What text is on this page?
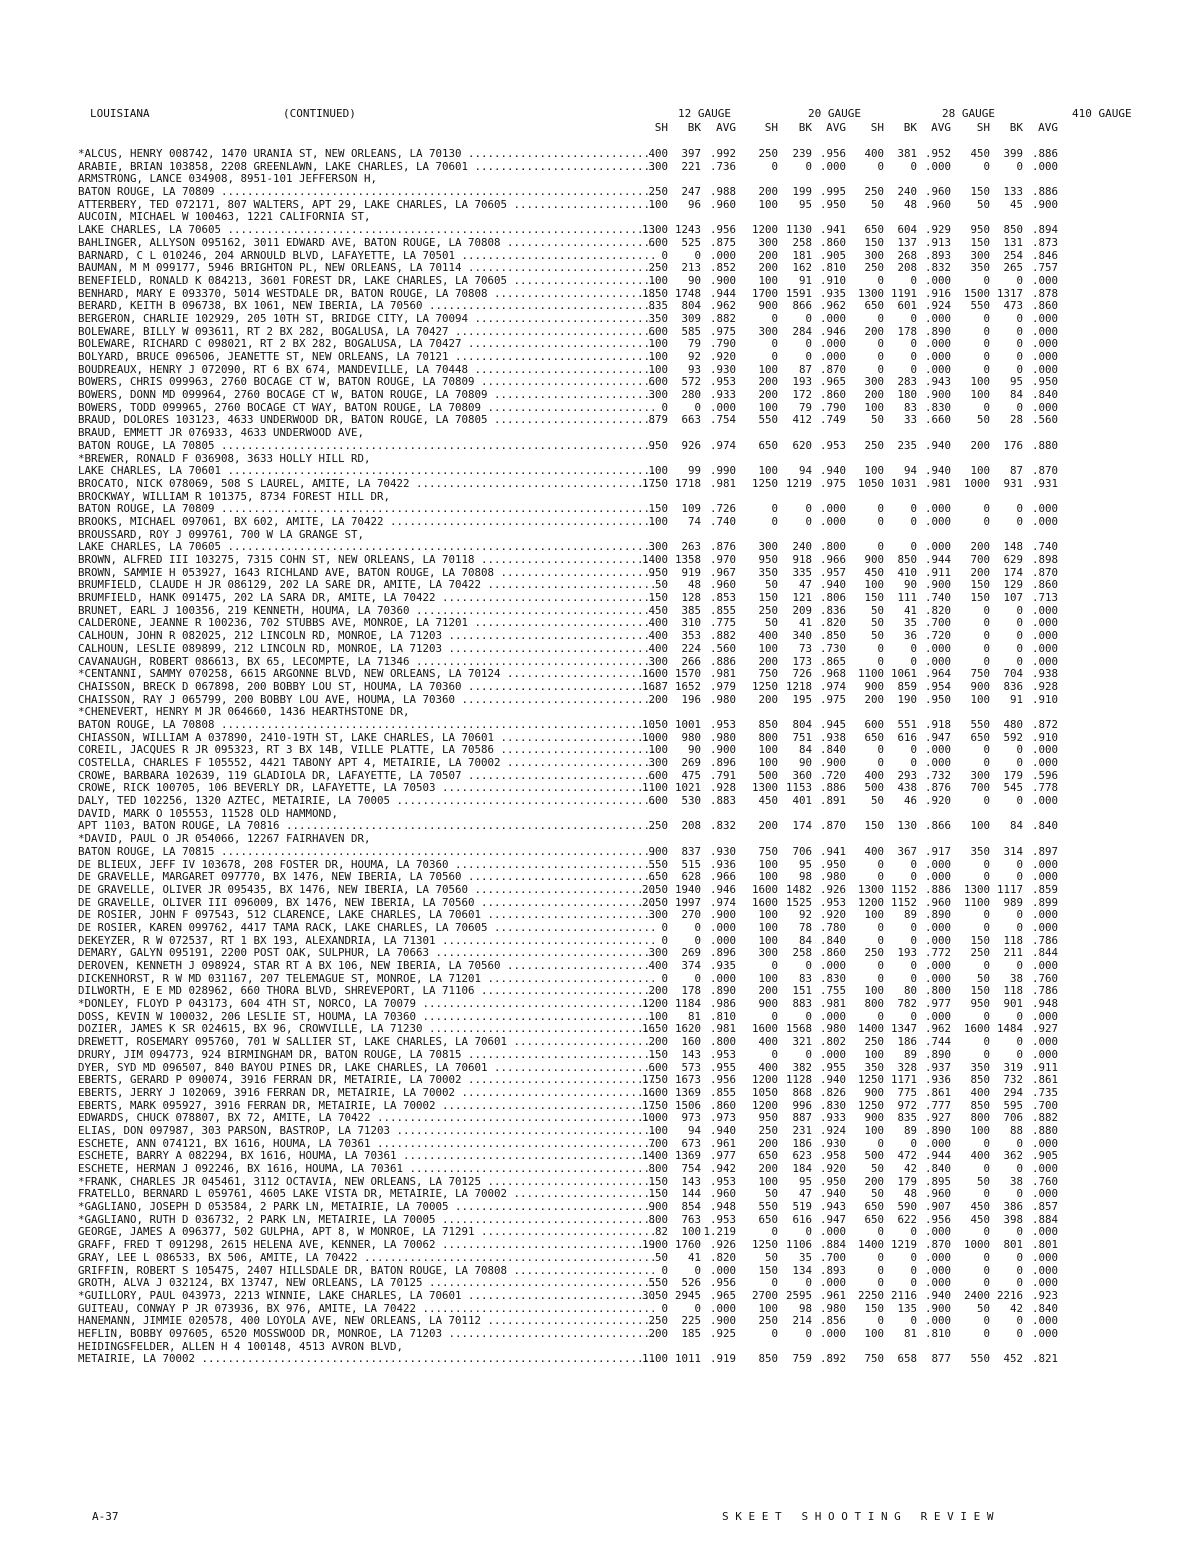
LOUISIANA	(CONTINUED)	12 GAUGE	20 GAUGE	28 GAUGE	410 GAUGE
SH	BK	AVG	SH	BK	AVG	SH	BK	AVG	SH	BK	AVG
*ALCUS, HENRY 008742, 1470 URANIA ST, NEW ORLEANS, LA 70130 .....	400	397 .992	250	239 .956	400	381 .952	450	399 .886
ARABIE, BRIAN 103858, 2208 GREENLAWN, LAKE CHARLES, LA 70601 .....	300	221 .736	0	0 .000	0	0 .000	0	0 .000
ARMSTRONG, LANCE 034908, 8951-101 JEFFERSON H,
BATON ROUGE, LA 70809 .....	250	247 .988	200	199 .995	250	240 .960	150	133 .886
ATTERBERY, TED 072171, 807 WALTERS, APT 29, LAKE CHARLES, LA 70605 .....	100	96 .960	100	95 .950	50	48 .960	50	45 .900
AUCOIN, MICHAEL W 100463, 1221 CALIFORNIA ST,
LAKE CHARLES, LA 70605 .....	1300 1243 .956	1200 1130 .941	650	604 .929	950	850 .894
BAHLINGER, ALLYSON 095162, 3011 EDWARD AVE, BATON ROUGE, LA 70808 .....	600	525 .875	300	258 .860	150	137 .913	150	131 .873
BARNARD, C L 010246, 204 ARNOULD BLVD, LAFAYETTE, LA 70501 .....	0	0 .000	200	181 .905	300	268 .893	300	254 .846
BAUMAN, M M 099177, 5946 BRIGHTON PL, NEW ORLEANS, LA 70114 .....	250	213 .852	200	162 .810	250	208 .832	350	265 .757
BENEFIELD, RONALD K 084213, 3601 FOREST DR, LAKE CHARLES, LA 70605 .....	100	90 .900	100	91 .910	0	0 .000	0	0 .000
BENHARD, MARY E 093370, 5014 WESTDALE DR, BATON ROUGE, LA 70808 .....	1850 1748 .944	1700 1591 .935	1300 1191 .916	1500 1317 .878
BERARD, KEITH B 096738, BX 1061, NEW IBERIA, LA 70560 .....	835	804 .962	900	866 .962	650	601 .924	550	473 .860
BERGERON, CHARLIE 102929, 205 10TH ST, BRIDGE CITY, LA 70094 .....	350	309 .882	0	0 .000	0	0 .000	0	0 .000
BOLEWARE, BILLY W 093611, RT 2 BX 282, BOGALUSA, LA 70427 .....	600	585 .975	300	284 .946	200	178 .890	0	0 .000
BOLEWARE, RICHARD C 098021, RT 2 BX 282, BOGALUSA, LA 70427 .....	100	79 .790	0	0 .000	0	0 .000	0	0 .000
BOLYARD, BRUCE 096506, JEANETTE ST, NEW ORLEANS, LA 70121 .....	100	92 .920	0	0 .000	0	0 .000	0	0 .000
BOUDREAUX, HENRY J 072090, RT 6 BX 674, MANDEVILLE, LA 70448 .....	100	93 .930	100	87 .870	0	0 .000	0	0 .000
BOWERS, CHRIS 099963, 2760 BOCAGE CT W, BATON ROUGE, LA 70809 .....	600	572 .953	200	193 .965	300	283 .943	100	95 .950
BOWERS, DONN MD 099964, 2760 BOCAGE CT W, BATON ROUGE, LA 70809 .....	300	280 .933	200	172 .860	200	180 .900	100	84 .840
BOWERS, TODD 099965, 2760 BOCAGE CT WAY, BATON ROUGE, LA 70809 .....	0	0 .000	100	79 .790	100	83 .830	0	0 .000
BRAUD, DOLORES 103123, 4633 UNDERWOOD DR, BATON ROUGE, LA 70805 .....	879	663 .754	550	412 .749	50	33 .660	50	28 .560
BRAUD, EMMETT JR 076933, 4633 UNDERWOOD AVE,
BATON ROUGE, LA 70805 .....	950	926 .974	650	620 .953	250	235 .940	200	176 .880
*BREWER, RONALD F 036908, 3633 HOLLY HILL RD,
LAKE CHARLES, LA 70601 .....	100	99 .990	100	94 .940	100	94 .940	100	87 .870
BROCATO, NICK 078069, 508 S LAUREL, AMITE, LA 70422 .....	1750 1718 .981	1250 1219 .975	1050 1031 .981	1000	931 .931
BROCKWAY, WILLIAM R 101375, 8734 FOREST HILL DR,
BATON ROUGE, LA 70809 .....	150	109 .726	0	0 .000	0	0 .000	0	0 .000
BROOKS, MICHAEL 097061, BX 602, AMITE, LA 70422 .....	100	74 .740	0	0 .000	0	0 .000	0	0 .000
BROUSSARD, ROY J 099761, 700 W LA GRANGE ST,
LAKE CHARLES, LA 70605 .....	300	263 .876	300	240 .800	0	0 .000	200	148 .740
BROWN, ALFRED III 103275, 7315 COHN ST, NEW ORLEANS, LA 70118 .....	1400 1358 .970	950	918 .966	900	850 .944	700	629 .898
BROWN, SAMMIE H 053927, 1643 RICHLAND AVE, BATON ROUGE, LA 70808 .....	950	919 .967	350	335 .957	450	410 .911	200	174 .870
BRUMFIELD, CLAUDE H JR 086129, 202 LA SARE DR, AMITE, LA 70422 .....	50	48 .960	50	47 .940	100	90 .900	150	129 .860
BRUMFIELD, HANK 091475, 202 LA SARA DR, AMITE, LA 70422 .....	150	128 .853	150	121 .806	150	111 .740	150	107 .713
BRUNET, EARL J 100356, 219 KENNETH, HOUMA, LA 70360 .....	450	385 .855	250	209 .836	50	41 .820	0	0 .000
CALDERONE, JEANNE R 100236, 702 STUBBS AVE, MONROE, LA 71201 .....	400	310 .775	50	41 .820	50	35 .700	0	0 .000
CALHOUN, JOHN R 082025, 212 LINCOLN RD, MONROE, LA 71203 .....	400	353 .882	400	340 .850	50	36 .720	0	0 .000
CALHOUN, LESLIE 089899, 212 LINCOLN RD, MONROE, LA 71203 .....	400	224 .560	100	73 .730	0	0 .000	0	0 .000
CAVANAUGH, ROBERT 086613, BX 65, LECOMPTE, LA 71346 .....	300	266 .886	200	173 .865	0	0 .000	0	0 .000
*CENTANNI, SAMMY 070258, 6615 ARGONNE BLVD, NEW ORLEANS, LA 70124 .....	1600 1570 .981	750	726 .968	1100 1061 .964	750	704 .938
CHAISSON, BRECK D 067898, 200 BOBBY LOU ST, HOUMA, LA 70360 .....	1687 1652 .979	1250 1218 .974	900	859 .954	900	836 .928
CHAISSON, RAY J 065799, 200 BOBBY LOU AVE, HOUMA, LA 70360 .....	200	196 .980	200	195 .975	200	190 .950	100	91 .910
*CHENEVERT, HENRY M JR 064660, 1436 HEARTHSTONE DR,
BATON ROUGE, LA 70808 .....	1050 1001 .953	850	804 .945	600	551 .918	550	480 .872
CHIASSON, WILLIAM A 037890, 2410-19TH ST, LAKE CHARLES, LA 70601 .....	1000	980 .980	800	751 .938	650	616 .947	650	592 .910
COREIL, JACQUES R JR 095323, RT 3 BX 14B, VILLE PLATTE, LA 70586 .....	100	90 .900	100	84 .840	0	0 .000	0	0 .000
COSTELLA, CHARLES F 105552, 4421 TABONY APT 4, METAIRIE, LA 70002 .....	300	269 .896	100	90 .900	0	0 .000	0	0 .000
CROWE, BARBARA 102639, 119 GLADIOLA DR, LAFAYETTE, LA 70507 .....	600	475 .791	500	360 .720	400	293 .732	300	179 .596
CROWE, RICK 100705, 106 BEVERLY DR, LAFAYETTE, LA 70503 .....	1100 1021 .928	1300 1153 .886	500	438 .876	700	545 .778
DALY, TED 102256, 1320 AZTEC, METAIRIE, LA 70005 .....	600	530 .883	450	401 .891	50	46 .920	0	0 .000
DAVID, MARK O 105553, 11528 OLD HAMMOND,
APT 1103, BATON ROUGE, LA 70816 .....	250	208 .832	200	174 .870	150	130 .866	100	84 .840
*DAVID, PAUL O JR 054066, 12267 FAIRHAVEN DR,
BATON ROUGE, LA 70815 .....	900	837 .930	750	706 .941	400	367 .917	350	314 .897
DE BLIEUX, JEFF IV 103678, 208 FOSTER DR, HOUMA, LA 70360 .....	550	515 .936	100	95 .950	0	0 .000	0	0 .000
DE GRAVELLE, MARGARET 097770, BX 1476, NEW IBERIA, LA 70560 .....	650	628 .966	100	98 .980	0	0 .000	0	0 .000
DE GRAVELLE, OLIVER JR 095435, BX 1476, NEW IBERIA, LA 70560 .....	2050 1940 .946	1600 1482 .926	1300 1152 .886	1300 1117 .859
DE GRAVELLE, OLIVER III 096009, BX 1476, NEW IBERIA, LA 70560 .....	2050 1997 .974	1600 1525 .953	1200 1152 .960	1100	989 .899
DE ROSIER, JOHN F 097543, 512 CLARENCE, LAKE CHARLES, LA 70601 .....	300	270 .900	100	92 .920	100	89 .890	0	0 .000
DE ROSIER, KAREN 099762, 4417 TAMA RACK, LAKE CHARLES, LA 70605 .....	0	0 .000	100	78 .780	0	0 .000	0	0 .000
DEKEYZER, R W 072537, RT 1 BX 193, ALEXANDRIA, LA 71301 .....	0	0 .000	100	84 .840	0	0 .000	150	118 .786
DEMARY, GALYN 095191, 2200 POST OAK, SULPHUR, LA 70663 .....	300	269 .896	300	258 .860	250	193 .772	250	211 .844
DEROVEN, KENNETH J 098924, STAR RT A BX 106, NEW IBERIA, LA 70560 .....	400	374 .935	0	0 .000	0	0 .000	0	0 .000
DICKENHORST, R W MD 031167, 207 TELEMAGUE ST, MONROE, LA 71201 .....	0	0 .000	100	83 .830	0	0 .000	50	38 .760
DILWORTH, E E MD 028962, 660 THORA BLVD, SHREVEPORT, LA 71106 .....	200	178 .890	200	151 .755	100	80 .800	150	118 .786
*DONLEY, FLOYD P 043173, 604 4TH ST, NORCO, LA 70079 .....	1200 1184 .986	900	883 .981	800	782 .977	950	901 .948
DOSS, KEVIN W 100032, 206 LESLIE ST, HOUMA, LA 70360 .....	100	81 .810	0	0 .000	0	0 .000	0	0 .000
DOZIER, JAMES K SR 024615, BX 96, CROWVILLE, LA 71230 .....	1650 1620 .981	1600 1568 .980	1400 1347 .962	1600 1484 .927
DREWETT, ROSEMARY 095760, 701 W SALLIER ST, LAKE CHARLES, LA 70601 .....	200	160 .800	400	321 .802	250	186 .744	0	0 .000
DRURY, JIM 094773, 924 BIRMINGHAM DR, BATON ROUGE, LA 70815 .....	150	143 .953	0	0 .000	100	89 .890	0	0 .000
DYER, SYD MD 096507, 840 BAYOU PINES DR, LAKE CHARLES, LA 70601 .....	600	573 .955	400	382 .955	350	328 .937	350	319 .911
EBERTS, GERARD P 090074, 3916 FERRAN DR, METAIRIE, LA 70002 .....	1750 1673 .956	1200 1128 .940	1250 1171 .936	850	732 .861
EBERTS, JERRY J 102069, 3916 FERRAN DR, METAIRIE, LA 70002 .....	1600 1369 .855	1050	868 .826	900	775 .861	400	294 .735
EBERTS, MARK 095927, 3916 FERRAN DR, METAIRIE, LA 70002 .....	1750 1506 .860	1200	996 .830	1250	972 .777	850	595 .700
EDWARDS, CHUCK 078807, BX 72, AMITE, LA 70422 .....	1000	973 .973	950	887 .933	900	835 .927	800	706 .882
ELIAS, DON 097987, 303 PARSON, BASTROP, LA 71203 .....	100	94 .940	250	231 .924	100	89 .890	100	88 .880
ESCHETE, ANN 074121, BX 1616, HOUMA, LA 70361 .....	700	673 .961	200	186 .930	0	0 .000	0	0 .000
ESCHETE, BARRY A 082294, BX 1616, HOUMA, LA 70361 .....	1400 1369 .977	650	623 .958	500	472 .944	400	362 .905
ESCHETE, HERMAN J 092246, BX 1616, HOUMA, LA 70361 .....	800	754 .942	200	184 .920	50	42 .840	0	0 .000
*FRANK, CHARLES JR 045461, 3112 OCTAVIA, NEW ORLEANS, LA 70125 .....	150	143 .953	100	95 .950	200	179 .895	50	38 .760
FRATELLO, BERNARD L 059761, 4605 LAKE VISTA DR, METAIRIE, LA 70002 .....	150	144 .960	50	47 .940	50	48 .960	0	0 .000
*GAGLIANO, JOSEPH D 053584, 2 PARK LN, METAIRIE, LA 70005 .....	900	854 .948	550	519 .943	650	590 .907	450	386 .857
*GAGLIANO, RUTH D 036732, 2 PARK LN, METAIRIE, LA 70005 .....	800	763 .953	650	616 .947	650	622 .956	450	398 .884
GEORGE, JAMES A 096377, 502 GULPHA, APT 8, W MONROE, LA 71291 .....	82	100 1.219	0	0 .000	0	0 .000	0	0 .000
GRAFF, FRED T 091298, 2615 HELENA AVE, KENNER, LA 70062 .....	1900 1760 .926	1250 1106 .884	1400 1219 .870	1000	801 .801
GRAY, LEE L 086533, BX 506, AMITE, LA 70422 .....	50	41 .820	50	35 .700	0	0 .000	0	0 .000
GRIFFIN, ROBERT S 105475, 2407 HILLSDALE DR, BATON ROUGE, LA 70808 .....	0	0 .000	150	134 .893	0	0 .000	0	0 .000
GROTH, ALVA J 032124, BX 13747, NEW ORLEANS, LA 70125 .....	550	526 .956	0	0 .000	0	0 .000	0	0 .000
*GUILLORY, PAUL 043973, 2213 WINNIE, LAKE CHARLES, LA 70601 .....	3050 2945 .965	2700 2595 .961	2250 2116 .940	2400 2216 .923
GUITEAU, CONWAY P JR 073936, BX 976, AMITE, LA 70422 .....	0	0 .000	100	98 .980	150	135 .900	50	42 .840
HANEMANN, JIMMIE 020578, 400 LOYOLA AVE, NEW ORLEANS, LA 70112 .....	250	225 .900	250	214 .856	0	0 .000	0	0 .000
HEFLIN, BOBBY 097605, 6520 MOSSWOOD DR, MONROE, LA 71203 .....	200	185 .925	0	0 .000	100	81 .810	0	0 .000
HEIDINGSFELDER, ALLEN H 4 100148, 4513 AVRON BLVD,
METAIRIE, LA 70002 .....	1100 1011 .919	850	759 .892	750	658	877	550	452 .821
A-37	S K E E T   S H O O T I N G   R E V I E W
